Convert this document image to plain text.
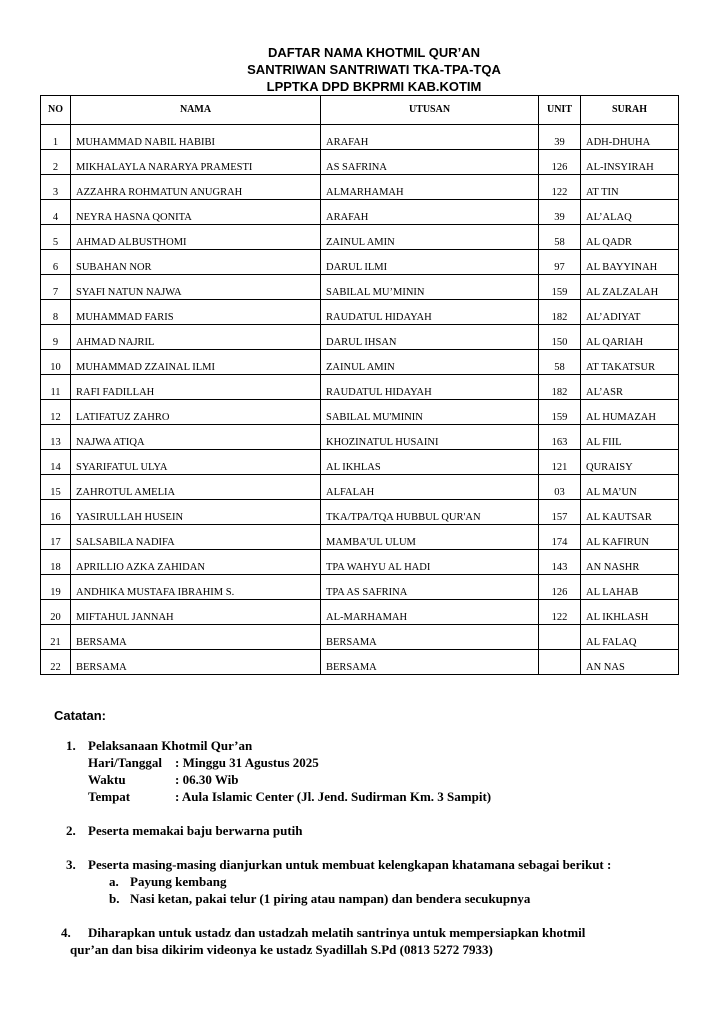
DAFTAR NAMA KHOTMIL QUR’AN
SANTRIWAN SANTRIWATI TKA-TPA-TQA
LPPTKA DPD BKPRMI KAB.KOTIM
NO	NAMA	UTUSAN	UNIT	SURAH
1	MUHAMMAD NABIL HABIBI	ARAFAH	39	ADH-DHUHA
2	MIKHALAYLA NARARYA PRAMESTI	AS SAFRINA	126	AL-INSYIRAH
3	AZZAHRA ROHMATUN ANUGRAH	ALMARHAMAH	122	AT TIN
4	NEYRA HASNA QONITA	ARAFAH	39	AL’ALAQ
5	AHMAD ALBUSTHOMI	ZAINUL AMIN	58	AL QADR
6	SUBAHAN NOR	DARUL ILMI	97	AL BAYYINAH
7	SYAFI NATUN NAJWA	SABILAL MU’MININ	159	AL ZALZALAH
8	MUHAMMAD FARIS	RAUDATUL HIDAYAH	182	AL’ADIYAT
9	AHMAD NAJRIL	DARUL IHSAN	150	AL QARIAH
10	MUHAMMAD ZZAINAL ILMI	ZAINUL AMIN	58	AT TAKATSUR
11	RAFI FADILLAH	RAUDATUL HIDAYAH	182	AL’ASR
12	LATIFATUZ ZAHRO	SABILAL MU'MININ	159	AL HUMAZAH
13	NAJWA ATIQA	KHOZINATUL HUSAINI	163	AL FIIL
14	SYARIFATUL ULYA	AL IKHLAS	121	QURAISY
15	ZAHROTUL AMELIA	ALFALAH	03	AL MA’UN
16	YASIRULLAH HUSEIN	TKA/TPA/TQA HUBBUL QUR'AN	157	AL KAUTSAR
17	SALSABILA NADIFA	MAMBA'UL ULUM	174	AL KAFIRUN
18	APRILLIO AZKA ZAHIDAN	TPA WAHYU AL HADI	143	AN NASHR
19	ANDHIKA MUSTAFA IBRAHIM S.	TPA AS SAFRINA	126	AL LAHAB
20	MIFTAHUL JANNAH	AL-MARHAMAH	122	AL IKHLASH
21	BERSAMA	BERSAMA		AL FALAQ
22	BERSAMA	BERSAMA		AN NAS
Catatan:
1. Pelaksanaan Khotmil Qur’an
Hari/Tanggal : Minggu 31 Agustus 2025
Waktu	: 06.30 Wib
Tempat	: Aula Islamic Center (Jl. Jend. Sudirman Km. 3 Sampit)
2. Peserta memakai baju berwarna putih
3. Peserta masing-masing dianjurkan untuk membuat kelengkapan khatamana sebagai berikut :
a. Payung kembang
b. Nasi ketan, pakai telur (1 piring atau nampan) dan bendera secukupnya
4. Diharapkan untuk ustadz dan ustadzah melatih santrinya untuk mempersiapkan khotmil
qur’an dan bisa dikirim videonya ke ustadz Syadillah S.Pd (0813 5272 7933)
